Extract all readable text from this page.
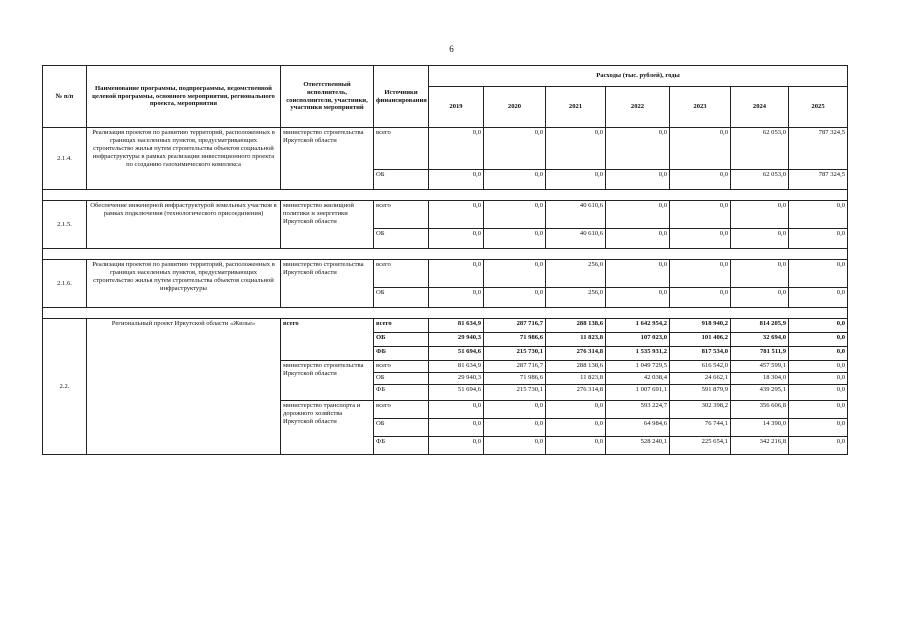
6
№ п/п	Наименование программы, подпрограммы, ведомственной целевой программы, основного мероприятия, регионального проекта, мероприятия	Ответственный исполнитель, соисполнители, участники, участники мероприятий	Источники финансирования	Расходы (тыс. рублей), годы						
				2019	2020	2021	2022	2023	2024	2025
2.1.4.	Реализация проектов по развитию территорий, расположенных в границах населенных пунктов, предусматривающих строительство жилья путем строительства объектов социальной инфраструктуры в рамках реализации инвестиционного проекта по созданию газохимического комплекса	министерство строительства Иркутской области	всего	0,0	0,0	0,0	0,0	0,0	62 053,0	787 324,5
			ОБ	0,0	0,0	0,0	0,0	0,0	62 053,0	787 324,5

2.1.5.	Обеспечение инженерной инфраструктурой земельных участков в рамках подключения (технологического присоединения)	министерство жилищной политики и энергетики Иркутской области	всего	0,0	0,0	40 610,6	0,0	0,0	0,0	0,0
			ОБ	0,0	0,0	40 610,6	0,0	0,0	0,0	0,0

2.1.6.	Реализация проектов по развитию территорий, расположенных в границах населенных пунктов, предусматривающих строительство жилья путем строительства объектов социальной инфраструктуры	министерство строительства Иркутской области	всего	0,0	0,0	256,0	0,0	0,0	0,0	0,0
			ОБ	0,0	0,0	256,0	0,0	0,0	0,0	0,0

2.2.	Региональный проект Иркутской области «Жилье»	всего	всего	81 634,9	287 716,7	288 138,6	1 642 954,2	918 940,2	814 205,9	0,0
			ОБ	29 940,3	71 986,6	11 823,8	107 023,0	101 406,2	32 694,0	0,0
			ФБ	51 694,6	215 730,1	276 314,8	1 535 931,2	817 534,0	781 511,9	0,0
		министерство строительства Иркутской области	всего	81 634,9	287 716,7	288 138,6	1 049 729,5	616 542,0	457 599,1	0,0
			ОБ	29 940,3	71 986,6	11 823,8	42 038,4	24 662,1	18 304,0	0,0
			ФБ	51 694,6	215 730,1	276 314,8	1 007 691,1	591 879,9	439 295,1	0,0
		министерство транспорта и дорожного хозяйства Иркутской области	всего	0,0	0,0	0,0	593 224,7	302 398,2	356 606,8	0,0
			ОБ	0,0	0,0	0,0	64 984,6	76 744,1	14 390,0	0,0
			ФБ	0,0	0,0	0,0	528 240,1	225 654,1	342 216,8	0,0
